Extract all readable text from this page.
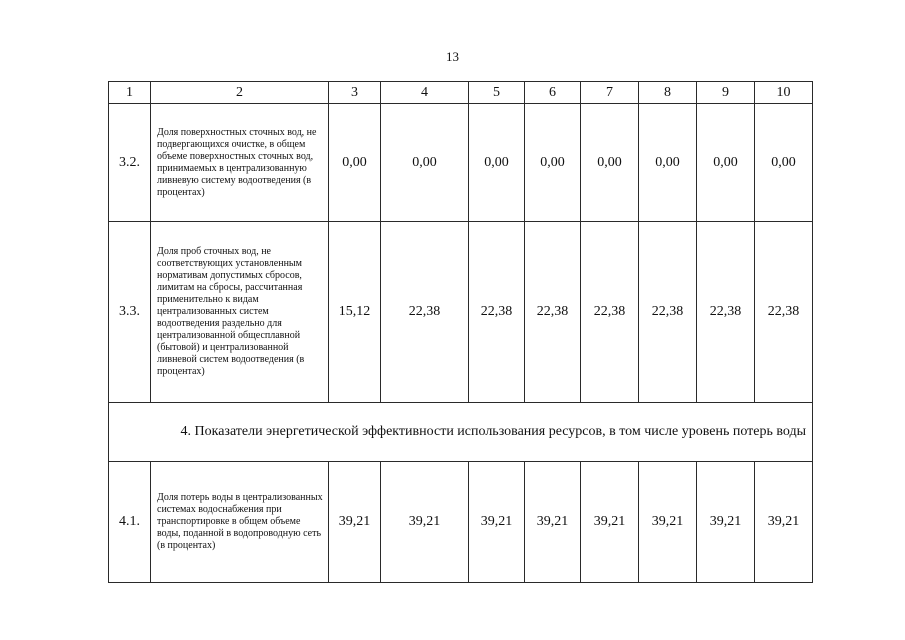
13
1	2	3	4	5	6	7	8	9	10
3.2.	Доля поверхностных сточных вод, не подвергающихся очистке, в общем объеме поверхностных сточных вод, принимаемых в централизованную ливневую систему водоотведения (в процентах)	0,00	0,00	0,00	0,00	0,00	0,00	0,00	0,00
3.3.	Доля проб сточных вод, не соответствующих установленным нормативам допустимых сбросов, лимитам на сбросы, рассчитанная применительно к видам централизованных систем водоотведения раздельно для централизованной общесплавной (бытовой) и централизованной ливневой систем водоотведения (в процентах)	15,12	22,38	22,38	22,38	22,38	22,38	22,38	22,38
4. Показатели энергетической эффективности использования ресурсов, в том числе уровень потерь воды									
4.1.	Доля потерь воды в централизованных системах водоснабжения при транспортировке в общем объеме воды, поданной в водопроводную сеть (в процентах)	39,21	39,21	39,21	39,21	39,21	39,21	39,21	39,21
